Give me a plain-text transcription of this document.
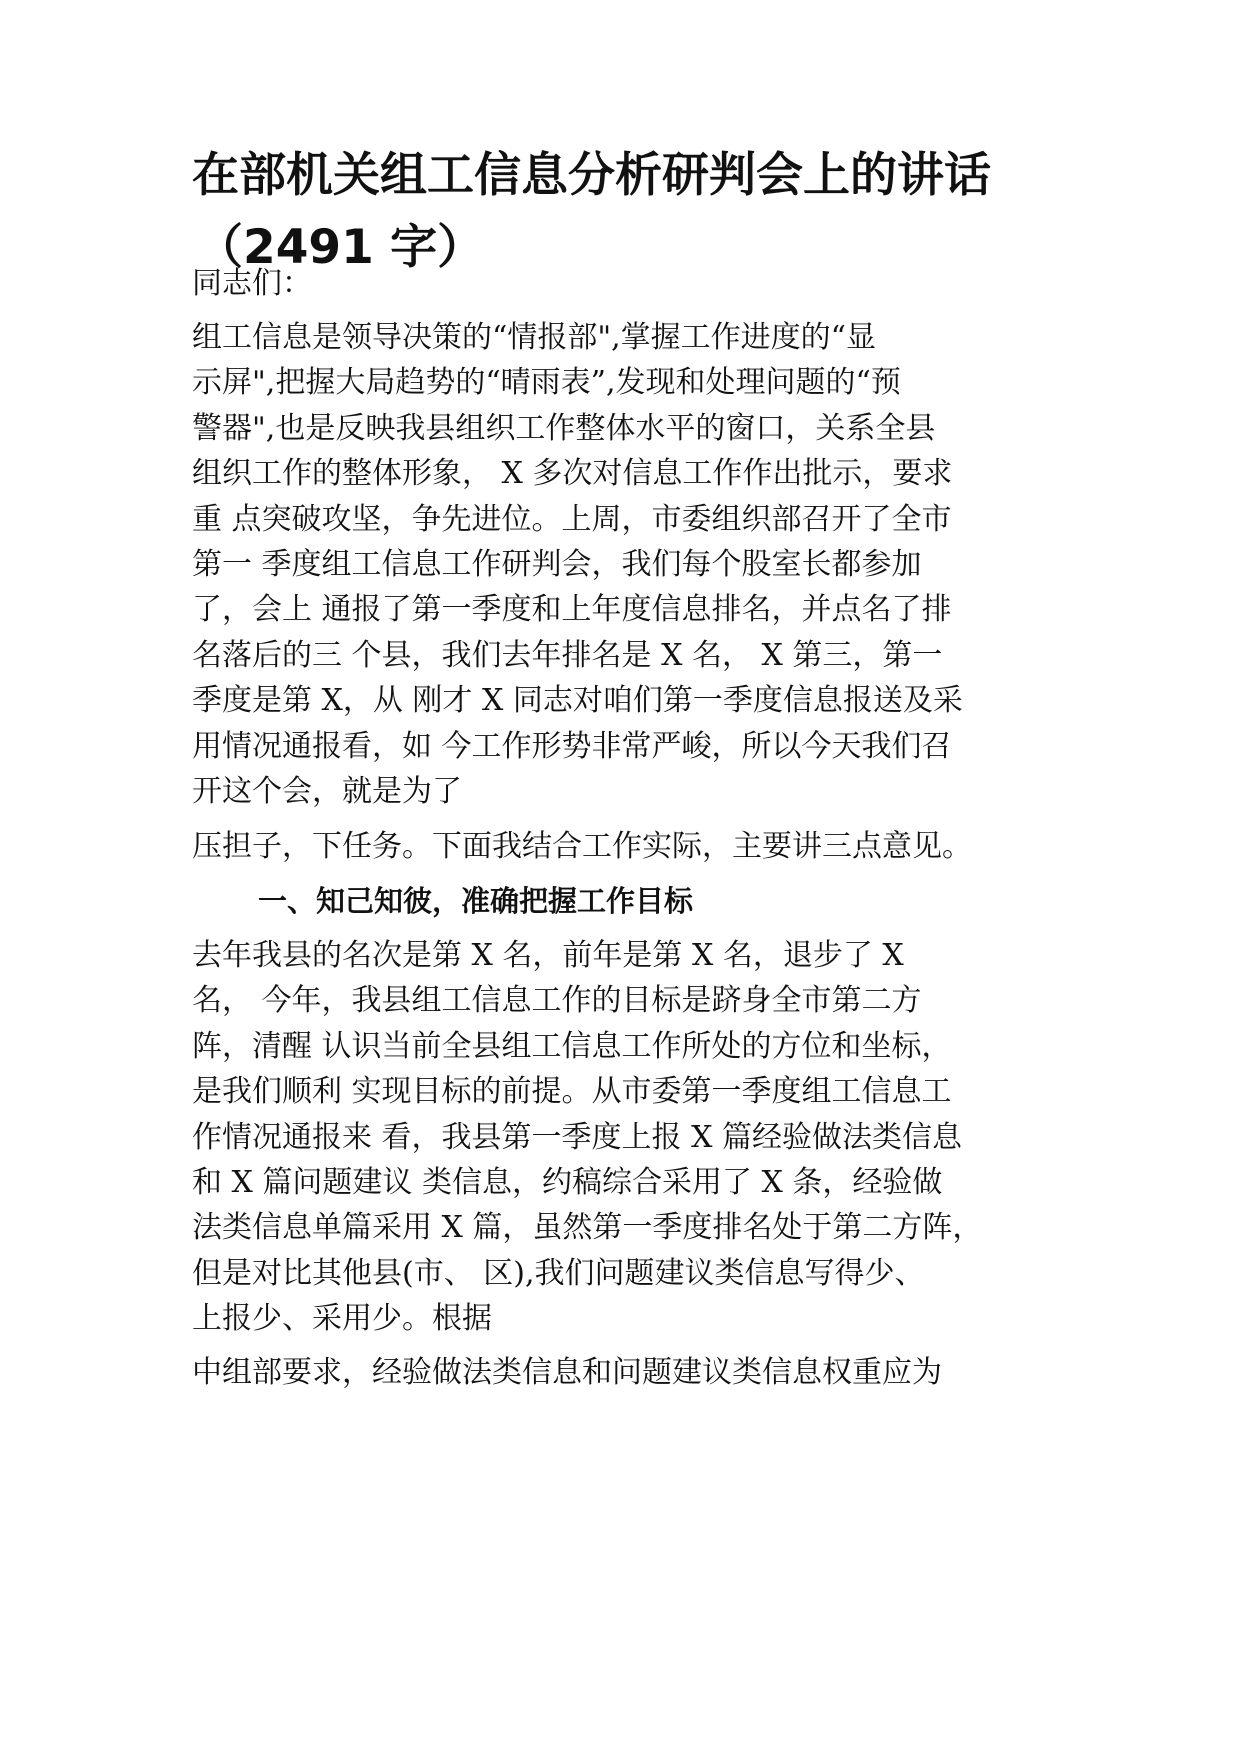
在部机关组工信息分析研判会上的讲话
（2491 字）

同志们：

组工信息是领导决策的“情报部",掌握工作进度的“显

示屏",把握大局趋势的“晴雨表”,发现和处理问题的“预

警器",也是反映我县组织工作整体水平的窗口，关系全县

组织工作的整体形象， X 多次对信息工作作出批示，要求

重 点突破攻坚，争先进位。上周，市委组织部召开了全市

第一 季度组工信息工作研判会，我们每个股室长都参加

了，会上 通报了第一季度和上年度信息排名，并点名了排

名落后的三 个县，我们去年排名是 X 名， X 第三，第一

季度是第 X，从 刚才 X 同志对咱们第一季度信息报送及采

用情况通报看，如 今工作形势非常严峻，所以今天我们召

开这个会，就是为了

压担子，下任务。下面我结合工作实际，主要讲三点意见。

一、知己知彼，准确把握工作目标

去年我县的名次是第 X 名，前年是第 X 名，退步了 X

名， 今年，我县组工信息工作的目标是跻身全市第二方

阵，清醒 认识当前全县组工信息工作所处的方位和坐标，

是我们顺利 实现目标的前提。从市委第一季度组工信息工

作情况通报来 看，我县第一季度上报 X 篇经验做法类信息

和 X 篇问题建议 类信息，约稿综合采用了 X 条，经验做

法类信息单篇采用 X 篇，虽然第一季度排名处于第二方阵，

但是对比其他县(市、 区),我们问题建议类信息写得少、

上报少、采用少。根据

中组部要求，经验做法类信息和问题建议类信息权重应为
